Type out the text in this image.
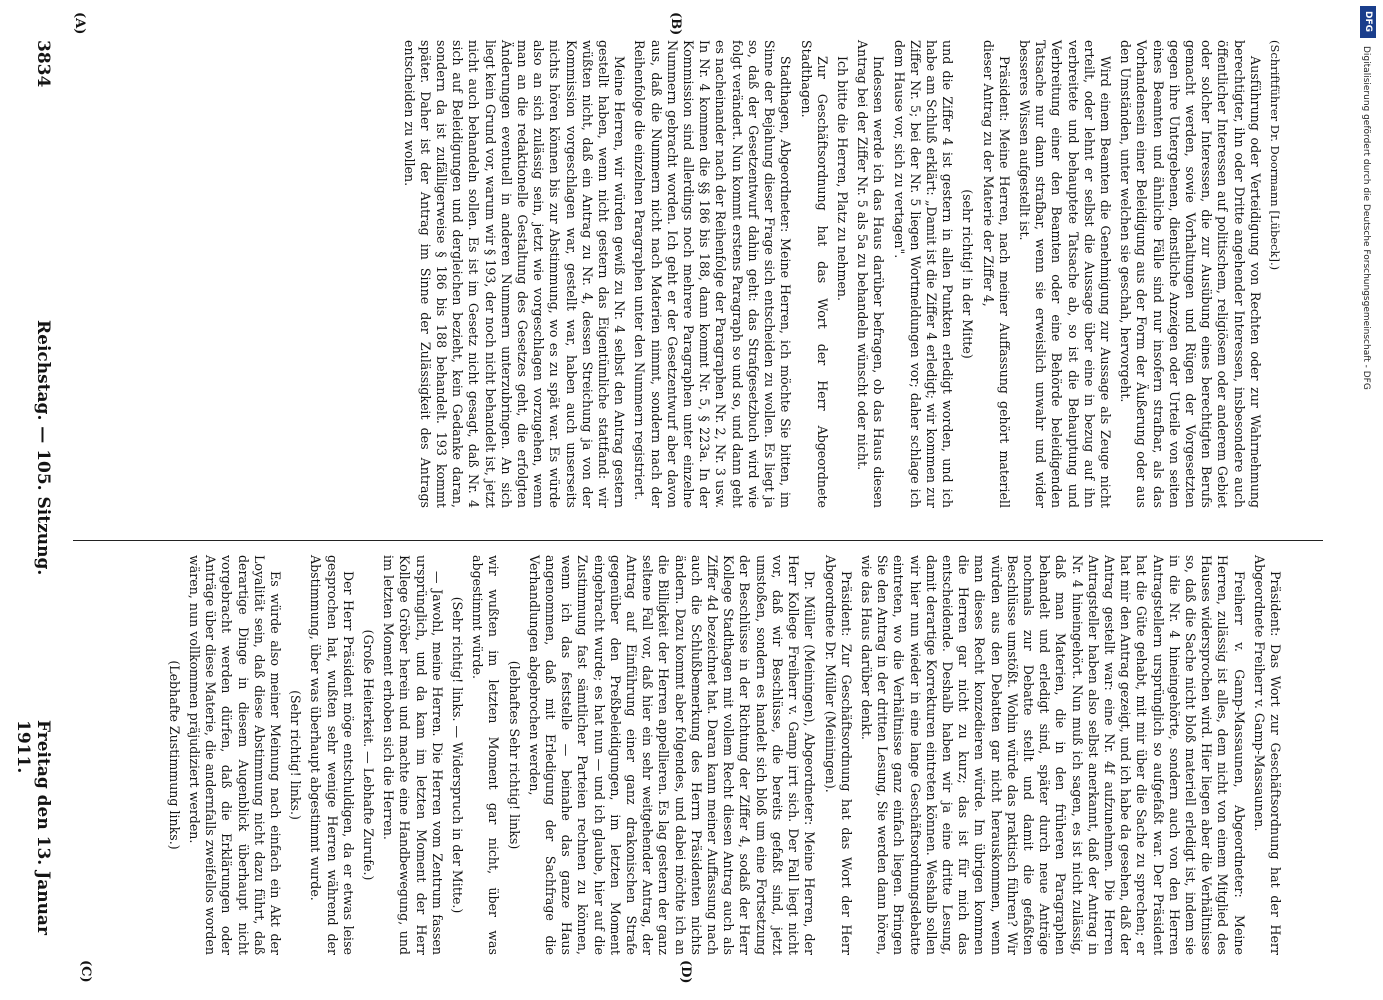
3834
Reichstag. — 105. Sitzung.
Freitag den 13. Januar 1911.
(A)	(B)
(C)	(D)

(Schriftführer Dr. Doormann [Lübeck].)

Ausführung oder Verteidigung von Rechten oder zur Wahrnehmung berechtigter, ihn oder Dritte angehender Interessen, insbesondere auch öffentlicher Interessen auf politischem, religiösem oder anderem Gebiet oder solcher Interessen, die zur Ausübung eines berechtigten Berufs gemacht werden, sowie Vorhaltungen und Rügen der Vorgesetzten gegen ihre Untergebenen, dienstliche Anzeigen oder Urteile von seiten eines Beamten und ähnliche Fälle sind nur insofern strafbar, als das Vorhandensein einer Beleidigung aus der Form der Äußerung oder aus den Umständen, unter welchen sie geschah, hervorgeht.

Wird einem Beamten die Genehmigung zur Aussage als Zeuge nicht erteilt, oder lehnt er selbst die Aussage über eine in bezug auf ihn verbreitete und behauptete Tatsache ab, so ist die Behauptung und Verbreitung einer den Beamten oder eine Behörde beleidigenden Tatsache nur dann strafbar, wenn sie erweislich unwahr und wider besseres Wissen aufgestellt ist.

Präsident: Meine Herren, nach meiner Auffassung gehört materiell dieser Antrag zu der Materie der Ziffer 4,

(sehr richtig! in der Mitte)

und die Ziffer 4 ist gestern in allen Punkten erledigt worden, und ich habe am Schluß erklärt: „Damit ist die Ziffer 4 erledigt; wir kommen zur Ziffer Nr. 5; bei der Nr. 5 liegen Wortmeldungen vor; daher schlage ich dem Hause vor, sich zu vertagen".

Indessen werde ich das Haus darüber befragen, ob das Haus diesen Antrag bei der Ziffer Nr. 5 als 5a zu behandeln wünscht oder nicht.

Ich bitte die Herren, Platz zu nehmen.

Zur Geschäftsordnung hat das Wort der Herr Abgeordnete Stadthagen.

Stadthagen, Abgeordneter: Meine Herren, ich möchte Sie bitten, im Sinne der Bejahung dieser Frage sich entscheiden zu wollen. Es liegt ja so, daß der Gesetzentwurf dahin geht: das Strafgesetzbuch wird wie folgt verändert. Nun kommt erstens Paragraph so und so, und dann geht es nacheinander nach der Reihenfolge der Paragraphen Nr. 2, Nr. 3 usw. In Nr. 4 kommen die §§ 186 bis 188, dann kommt Nr. 5, § 223a. In der Kommission sind allerdings noch mehrere Paragraphen unter einzelne Nummern gebracht worden. Ich geht er der Gesetzentwurf aber davon aus, daß die Nummern nicht nach Materien nimmt, sondern nach der Reihenfolge die einzelnen Paragraphen unter den Nummern registriert.

Meine Herren, wir würden gewiß zu Nr. 4 selbst den Antrag gestern gestellt haben, wenn nicht gestern das Eigentümliche stattfand: wir wüßten nicht, daß ein Antrag zu Nr. 4, dessen Streichung ja von der Kommission vorgeschlagen war, gestellt war, haben auch unserseits nichts hören können bis zur Abstimmung, wo es zu spät war. Es würde also an sich zulässig sein, jetzt wie vorgeschlagen vorzugehen, wenn man an die redaktionelle Gestaltung des Gesetzes geht, die erfolgten Änderungen eventuell in anderen Nummern unterzubringen. An sich liegt kein Grund vor, warum wir § 193, der noch nicht behandelt ist, jetzt nicht auch behandeln sollen. Es ist im Gesetz nicht gesagt, daß Nr. 4 sich auf Beleidigungen und dergleichen bezieht, kein Gedanke daran, sondern da ist zufälligerweise § 186 bis 188 behandelt. 193 kommt später. Daher ist der Antrag im Sinne der Zulässigkeit des Antrags entscheiden zu wollen.

Präsident: Das Wort zur Geschäftsordnung hat der Herr Abgeordnete Freiherr v. Gamp-Massaunen.

Freiherr v. Gamp-Massaunen, Abgeordneter: Meine Herren, zulässig ist alles, dem nicht von einem Mitglied des Hauses widersprochen wird. Hier liegen aber die Verhältnisse so, daß die Sache nicht bloß materiell erledigt ist, indem sie in die Nr. 4 hineingehörte, sondern auch von den Herren Antragstellern ursprünglich so aufgefaßt war. Der Präsident hat die Güte gehabt, mit mir über die Sache zu sprechen; er hat mir den Antrag gezeigt, und ich habe da gesehen, daß der Antrag gestellt war: eine Nr. 4f aufzunehmen. Die Herren Antragsteller haben also selbst anerkannt, daß der Antrag in Nr. 4 hineingehört. Nun muß ich sagen, es ist nicht zulässig, daß man Materien, die in den früheren Paragraphen behandelt und erledigt sind, später durch neue Anträge nochmals zur Debatte stellt und damit die gefaßten Beschlüsse umstößt. Wohin würde das praktisch führen? Wir würden aus den Debatten gar nicht herauskommen, wenn man dieses Recht konzedieren würde. Im übrigen kommen die Herren gar nicht zu kurz; das ist für mich das entscheidende. Deshalb haben wir ja eine dritte Lesung, damit derartige Korrekturen eintreten können. Weshalb sollen wir hier nun wieder in eine lange Geschäftsordnungsdebatte eintreten, wo die Verhältnisse ganz einfach liegen. Bringen Sie den Antrag in der dritten Lesung, Sie werden dann hören, wie das Haus darüber denkt.

Präsident: Zur Geschäftsordnung hat das Wort der Herr Abgeordnete Dr. Müller (Meiningen).

Dr. Müller (Meiningen), Abgeordneter: Meine Herren, der Herr Kollege Freiherr v. Gamp irrt sich. Der Fall liegt nicht vor, daß wir Beschlüsse, die bereits gefaßt sind, jetzt umstoßen, sondern es handelt sich bloß um eine Fortsetzung der Beschlüsse in der Richtung der Ziffer 4, sodaß der Herr Kollege Stadthagen mit vollem Recht diesen Antrag auch als Ziffer 4d bezeichnet hat. Daran kann meiner Auffassung nach auch die Schlußbemerkung des Herrn Präsidenten nichts ändern. Dazu kommt aber folgendes, und dabei möchte ich an die Billigkeit der Herren appellieren. Es lag gestern der ganz seltene Fall vor, daß hier ein sehr weitgehender Antrag, der Antrag auf Einführung einer ganz drakonischen Strafe gegenüber den Preßbeleidigungen, im letzten Moment eingebracht wurde; es hat nun — und ich glaube, hier auf die Zustimmung fast sämtlicher Parteien rechnen zu können, wenn ich das feststelle — beinahe das ganze Haus angenommen, daß mit Erledigung der Sachfrage die Verhandlungen abgebrochen werden,

(lebhaftes Sehr richtig! links)

wir wußten im letzten Moment gar nicht, über was abgestimmt würde.

(Sehr richtig! links. — Widerspruch in der Mitte.)

— Jawohl, meine Herren. Die Herren vom Zentrum fassen ursprünglich, und da kam im letzten Moment der Herr Kollege Gröber herein und machte eine Handbewegung, und im letzten Moment erhoben sich die Herren.

(Große Heiterkeit. — Lebhafte Zurufe.)

Der Herr Präsident möge entschuldigen, da er etwas leise gesprochen hat, wußten sehr wenige Herren während der Abstimmung, über was überhaupt abgestimmt wurde.

(Sehr richtig! links.)

Es würde also meiner Meinung nach einfach ein Akt der Loyalität sein, daß diese Abstimmung nicht dazu führt, daß derartige Dinge in diesem Augenblick überhaupt nicht vorgebracht werden dürfen, daß die Erklärungen oder Anträge über diese Materie, die andernfalls zweifellos worden wären, nun vollkommen präjudiziert werden.

(Lebhafte Zustimmung links.)

DFG
Digitalisierung gefördert durch die Deutsche Forschungsgemeinschaft - DFG
